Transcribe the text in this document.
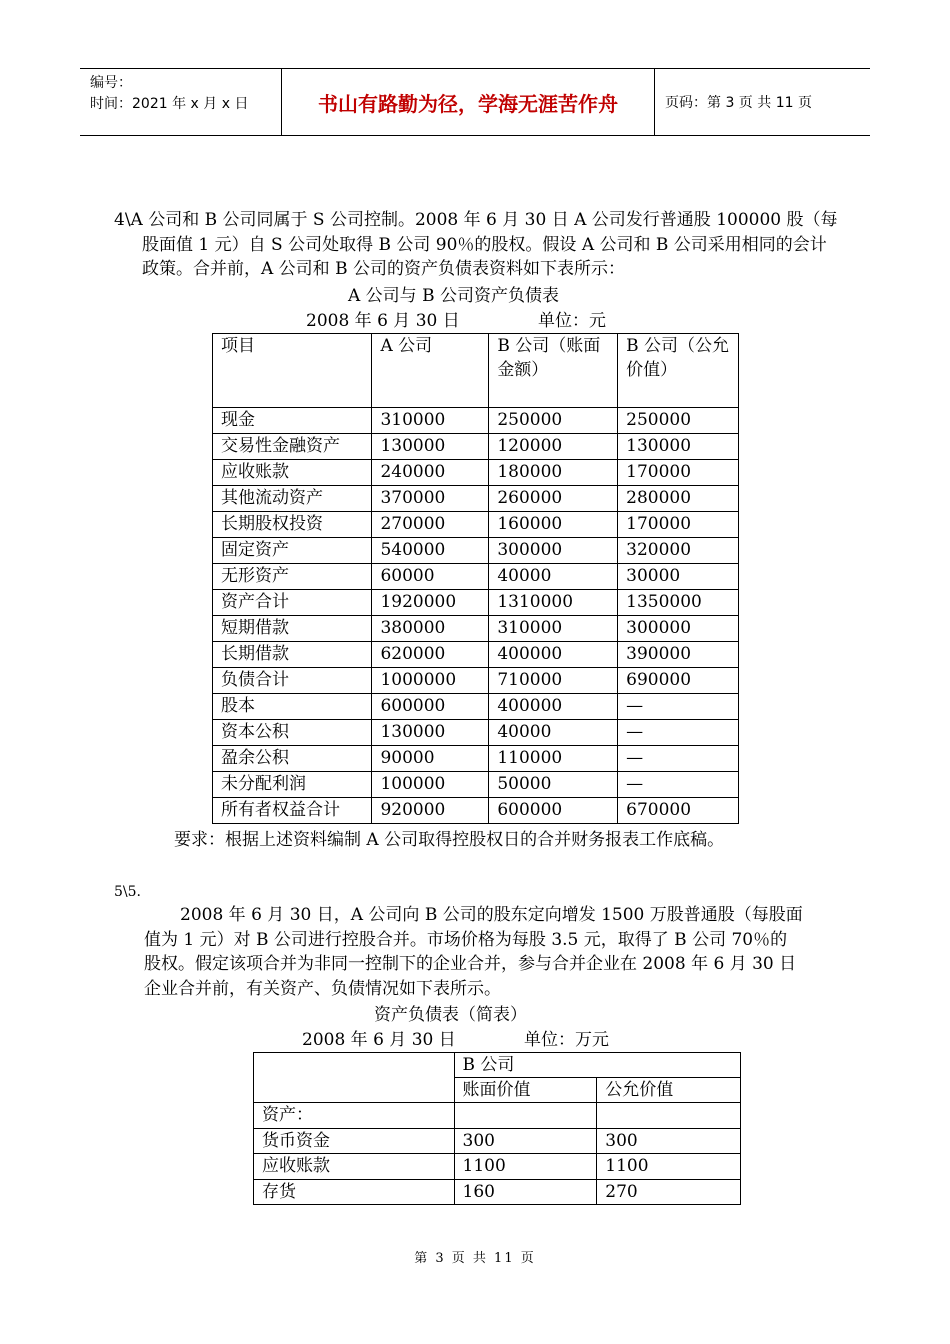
编号：
时间：2021 年 x 月 x 日	书山有路勤为径，学海无涯苦作舟	页码：第 3 页 共 11 页
4\A 公司和 B 公司同属于 S 公司控制。2008 年 6 月 30 日 A 公司发行普通股 100000 股（每股面值 1 元）自 S 公司处取得 B 公司 90％的股权。假设 A 公司和 B 公司采用相同的会计政策。合并前，A 公司和 B 公司的资产负债表资料如下表所示：
A 公司与 B 公司资产负债表
2008 年 6 月 30 日	单位：元
项目	A 公司	B 公司（账面金额）	B 公司（公允价值）
现金	310000	250000	250000
交易性金融资产	130000	120000	130000
应收账款	240000	180000	170000
其他流动资产	370000	260000	280000
长期股权投资	270000	160000	170000
固定资产	540000	300000	320000
无形资产	60000	40000	30000
资产合计	1920000	1310000	1350000
短期借款	380000	310000	300000
长期借款	620000	400000	390000
负债合计	1000000	710000	690000
股本	600000	400000	—
资本公积	130000	40000	—
盈余公积	90000	110000	—
未分配利润	100000	50000	—
所有者权益合计	920000	600000	670000
要求：根据上述资料编制 A 公司取得控股权日的合并财务报表工作底稿。
5\5.
2008 年 6 月 30 日，A 公司向 B 公司的股东定向增发 1500 万股普通股（每股面值为 1 元）对 B 公司进行控股合并。市场价格为每股 3.5 元，取得了 B 公司 70％的股权。假定该项合并为非同一控制下的企业合并，参与合并企业在 2008 年 6 月 30 日企业合并前，有关资产、负债情况如下表所示。
资产负债表（简表）
2008 年 6 月 30 日	单位：万元
	B 公司	
	账面价值	公允价值
资产：		
货币资金	300	300
应收账款	1100	1100
存货	160	270
第 3 页 共 11 页
